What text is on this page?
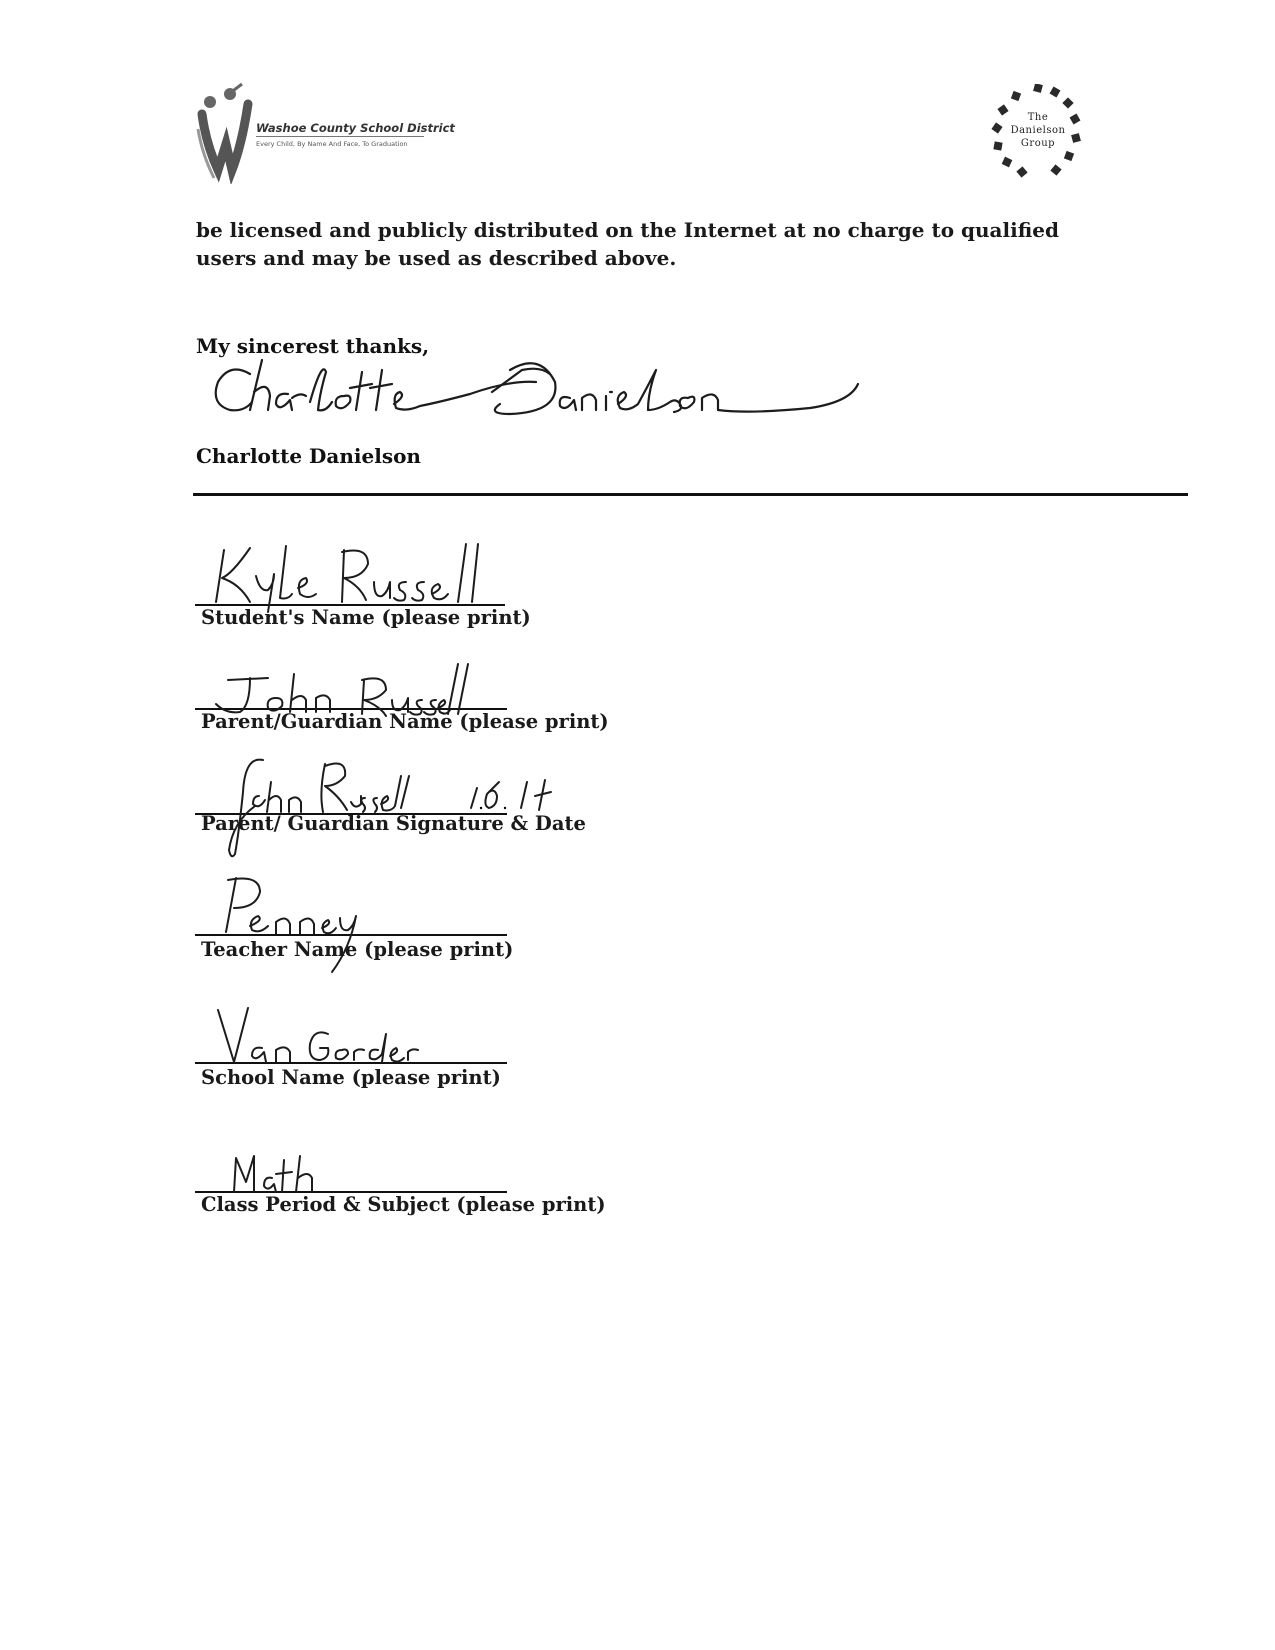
Washoe County School District
Every Child, By Name And Face, To Graduation
The
Danielson
Group
be licensed and publicly distributed on the Internet at no charge to qualified users and may be used as described above.
My sincerest thanks,
Charlotte Danielson
Student's Name (please print)
Parent/Guardian Name (please print)
Parent/ Guardian Signature & Date
Teacher Name (please print)
School Name (please print)
Class Period & Subject (please print)
